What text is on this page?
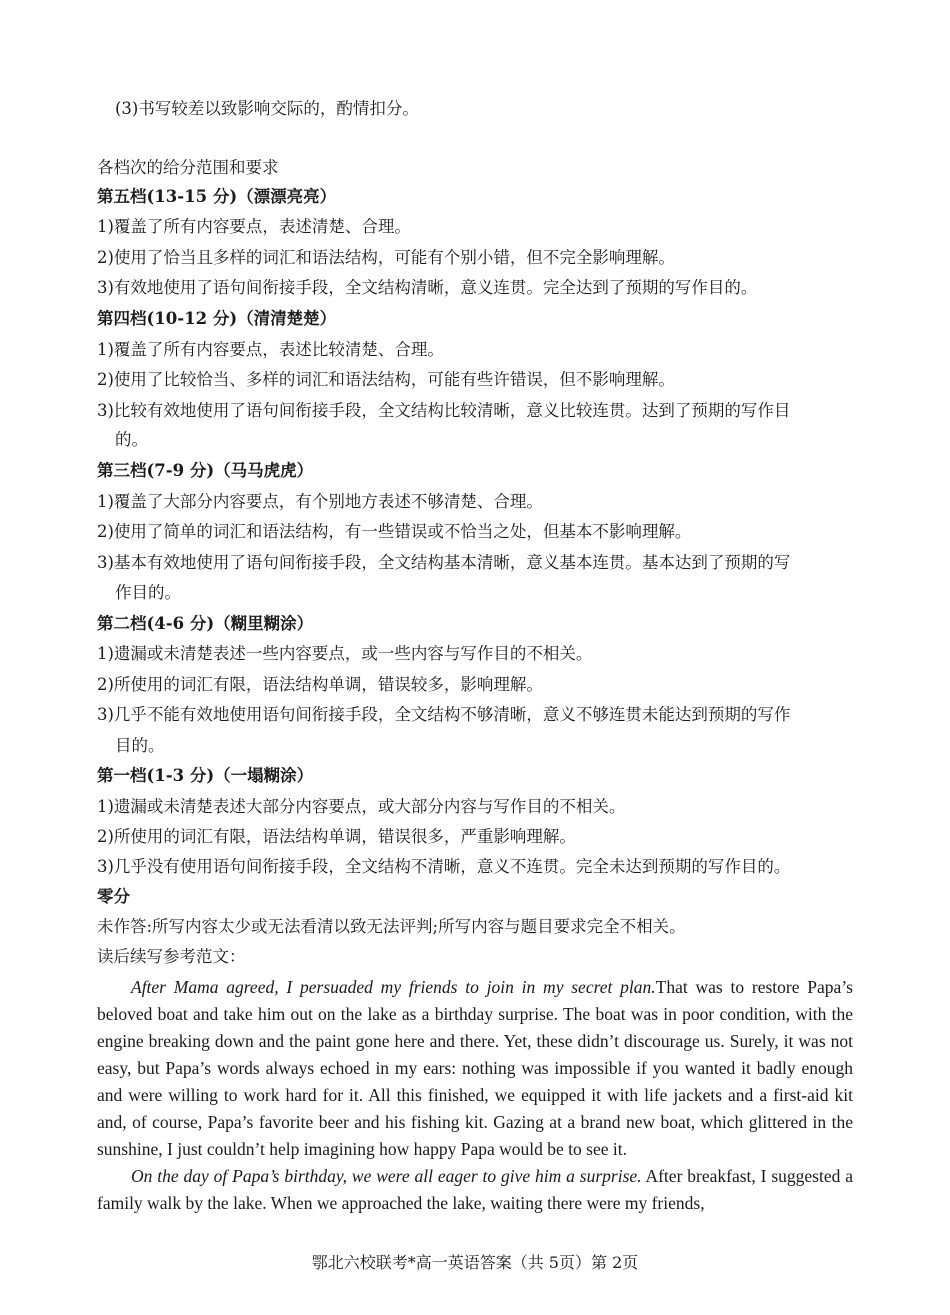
(3)书写较差以致影响交际的，酌情扣分。
各档次的给分范围和要求
第五档(13-15 分)（漂漂亮亮）
1)覆盖了所有内容要点，表述清楚、合理。
2)使用了恰当且多样的词汇和语法结构，可能有个别小错，但不完全影响理解。
3)有效地使用了语句间衔接手段，全文结构清晰，意义连贯。完全达到了预期的写作目的。
第四档(10-12 分)（清清楚楚）
1)覆盖了所有内容要点，表述比较清楚、合理。
2)使用了比较恰当、多样的词汇和语法结构，可能有些许错误，但不影响理解。
3)比较有效地使用了语句间衔接手段，全文结构比较清晰，意义比较连贯。达到了预期的写作目
的。
第三档(7-9 分)（马马虎虎）
1)覆盖了大部分内容要点，有个别地方表述不够清楚、合理。
2)使用了简单的词汇和语法结构，有一些错误或不恰当之处，但基本不影响理解。
3)基本有效地使用了语句间衔接手段，全文结构基本清晰，意义基本连贯。基本达到了预期的写
作目的。
第二档(4-6 分)（糊里糊涂）
1)遗漏或未清楚表述一些内容要点，或一些内容与写作目的不相关。
2)所使用的词汇有限，语法结构单调，错误较多，影响理解。
3)几乎不能有效地使用语句间衔接手段，全文结构不够清晰，意义不够连贯未能达到预期的写作
目的。
第一档(1-3 分)（一塌糊涂）
1)遗漏或未清楚表述大部分内容要点，或大部分内容与写作目的不相关。
2)所使用的词汇有限，语法结构单调，错误很多，严重影响理解。
3)几乎没有使用语句间衔接手段，全文结构不清晰，意义不连贯。完全未达到预期的写作目的。
零分
未作答:所写内容太少或无法看清以致无法评判;所写内容与题目要求完全不相关。
读后续写参考范文：

After Mama agreed, I persuaded my friends to join in my secret plan.That was to restore Papa’s beloved boat and take him out on the lake as a birthday surprise. The boat was in poor condition, with the engine breaking down and the paint gone here and there. Yet, these didn’t discourage us. Surely, it was not easy, but Papa’s words always echoed in my ears: nothing was impossible if you wanted it badly enough and were willing to work hard for it. All this finished, we equipped it with life jackets and a first-aid kit and, of course, Papa’s favorite beer and his fishing kit. Gazing at a brand new boat, which glittered in the sunshine, I just couldn’t help imagining how happy Papa would be to see it.

On the day of Papa’s birthday, we were all eager to give him a surprise. After breakfast, I suggested a family walk by the lake. When we approached the lake, waiting there were my friends,

鄂北六校联考*高一英语答案（共 5页）第 2页
